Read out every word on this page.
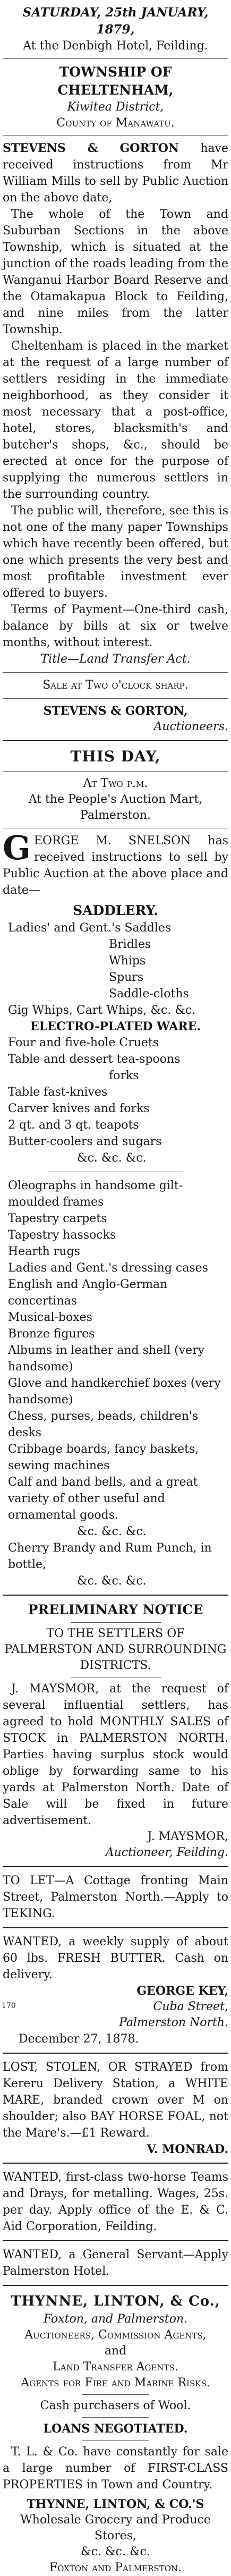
SATURDAY, 25th JANUARY, 1879,

At the Denbigh Hotel, Feilding.

TOWNSHIP OF CHELTENHAM,

Kiwitea District,

County of Manawatu.

STEVENS & GORTON have received instructions from Mr William Mills to sell by Public Auction on the above date,

The whole of the Town and Suburban Sections in the above Township, which is situated at the junction of the roads leading from the Wanganui Harbor Board Reserve and the Otamakapua Block to Feilding, and nine miles from the latter Township.

Cheltenham is placed in the market at the request of a large number of settlers residing in the immediate neighborhood, as they consider it most necessary that a post-office, hotel, stores, blacksmith's and butcher's shops, &c., should be erected at once for the purpose of supplying the numerous settlers in the surrounding country.

The public will, therefore, see this is not one of the many paper Townships which have recently been offered, but one which presents the very best and most profitable investment ever offered to buyers.

Terms of Payment—One-third cash, balance by bills at six or twelve months, without interest.

Title—Land Transfer Act.

Sale at Two o'clock sharp.

STEVENS & GORTON,

Auctioneers.

THIS DAY,

At Two p.m.

At the People's Auction Mart, Palmerston.

G EORGE M. SNELSON has received instructions to sell by Public Auction at the above place and date—

SADDLERY.

Ladies' and Gent.'s Saddles

Bridles

Whips

Spurs

Saddle-cloths

Gig Whips, Cart Whips, &c. &c.

ELECTRO-PLATED WARE.

Four and five-hole Cruets

Table and dessert tea-spoons

forks

Table fast-knives

Carver knives and forks

2 qt. and 3 qt. teapots

Butter-coolers and sugars

&c. &c. &c.

Oleographs in handsome gilt-moulded frames

Tapestry carpets

Tapestry hassocks

Hearth rugs

Ladies and Gent.'s dressing cases

English and Anglo-German concertinas

Musical-boxes

Bronze figures

Albums in leather and shell (very handsome)

Glove and handkerchief boxes (very handsome)

Chess, purses, beads, children's desks

Cribbage boards, fancy baskets, sewing machines

Calf and band bells, and a great variety of other useful and ornamental goods.

&c. &c. &c.

Cherry Brandy and Rum Punch, in bottle,

&c. &c. &c.

PRELIMINARY NOTICE

TO THE SETTLERS OF PALMERSTON AND SURROUNDING DISTRICTS.

J. MAYSMOR, at the request of several influential settlers, has agreed to hold MONTHLY SALES of STOCK in PALMERSTON NORTH. Parties having surplus stock would oblige by forwarding same to his yards at Palmerston North. Date of Sale will be fixed in future advertisement.

J. MAYSMOR,

Auctioneer, Feilding.

TO LET—A Cottage fronting Main Street, Palmerston North.—Apply to TEKING.

WANTED, a weekly supply of about 60 lbs. FRESH BUTTER. Cash on delivery.

GEORGE KEY,

Cuba Street,

Palmerston North.

December 27, 1878.

170

LOST, STOLEN, OR STRAYED from Kereru Delivery Station, a WHITE MARE, branded crown over M on shoulder; also BAY HORSE FOAL, not the Mare's.—£1 Reward.

V. MONRAD.

WANTED, first-class two-horse Teams and Drays, for metalling. Wages, 25s. per day. Apply office of the E. & C. Aid Corporation, Feilding.

WANTED, a General Servant—Apply Palmerston Hotel.

THYNNE, LINTON, & Co.,

Foxton, and Palmerston.

Auctioneers, Commission Agents,

and

Land Transfer Agents.

Agents for Fire and Marine Risks.

Cash purchasers of Wool.

LOANS NEGOTIATED.

T. L. & Co. have constantly for sale a large number of FIRST-CLASS PROPERTIES in Town and Country.

THYNNE, LINTON, & CO.'S

Wholesale Grocery and Produce Stores,

&c. &c. &c.

Foxton and Palmerston.
